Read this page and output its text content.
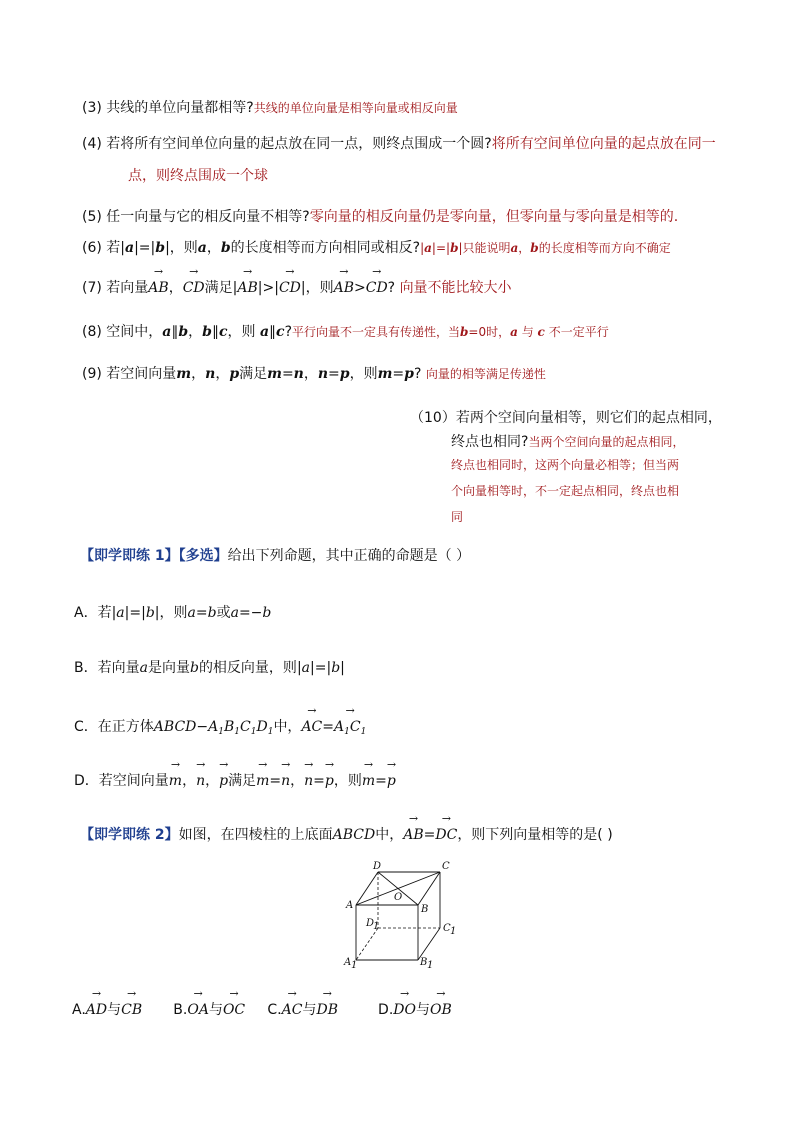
(3) 共线的单位向量都相等?共线的单位向量是相等向量或相反向量
(4) 若将所有空间单位向量的起点放在同一点，则终点围成一个圆?将所有空间单位向量的起点放在同一
点，则终点围成一个球
(5) 任一向量与它的相反向量不相等?零向量的相反向量仍是零向量，但零向量与零向量是相等的.
(6) 若|a|=|b|，则a，b的长度相等而方向相同或相反?|a|=|b|只能说明a，b的长度相等而方向不确定
(7) 若向量→ AB，→ CD满足|→ AB|>|→ CD|，则→ AB>→ CD? 向量不能比较大小
(8) 空间中，a∥b，b∥c，则 a∥c?平行向量不一定具有传递性，当b=0时，a 与 c 不一定平行
(9) 若空间向量m，n，p满足m=n，n=p，则m=p? 向量的相等满足传递性
（10）若两个空间向量相等，则它们的起点相同，
终点也相同?当两个空间向量的起点相同，
终点也相同时，这两个向量必相等；但当两
个向量相等时，不一定起点相同，终点也相
同
【即学即练 1】【多选】给出下列命题，其中正确的命题是（ ）
A．若|a|=|b|，则a=b或a=−b
B．若向量a是向量b的相反向量，则|a|=|b|
C．在正方体$ABCD-A_1B_1C_1D_1$中，→ $AC=\to A_1C_1$
D．若空间向量→ m，→ n，→ p满足→ m=→ n，→ n=→ p，则→ m=→ p
【即学即练 2】如图，在四棱柱的上底面ABCD中，→ AB=→ DC，则下列向量相等的是( )
D	C
A
O
B
D
1	C 1
A 1	B 1
A.→ AD与→ CB B.→ OA与→ OC C.→ AC与→ DB	D.→ DO与→ OB
